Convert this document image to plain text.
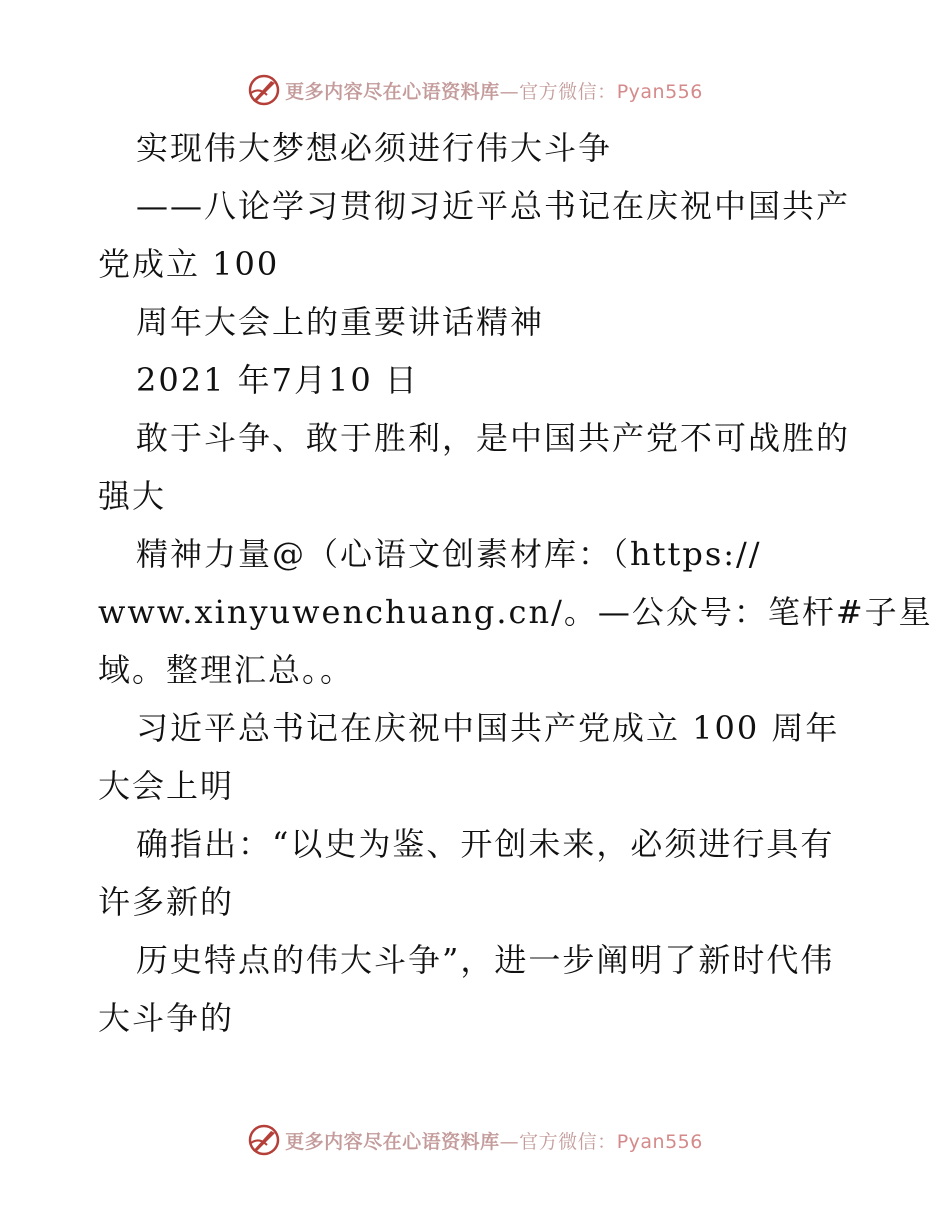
更多内容尽在心语资料库—官方微信：Pyan556
实现伟大梦想必须进行伟大斗争
——八论学习贯彻习近平总书记在庆祝中国共产
党成立 100
周年大会上的重要讲话精神
2021 年7月10 日
敢于斗争、敢于胜利，是中国共产党不可战胜的
强大
精神力量@（心语文创素材库：（https://
www.xinyuwenchuang.cn/。—公众号：笔杆#子星
域。整理汇总。。
习近平总书记在庆祝中国共产党成立 100 周年
大会上明
确指出：“以史为鉴、开创未来，必须进行具有
许多新的
历史特点的伟大斗争”，进一步阐明了新时代伟
大斗争的
更多内容尽在心语资料库—官方微信：Pyan556
